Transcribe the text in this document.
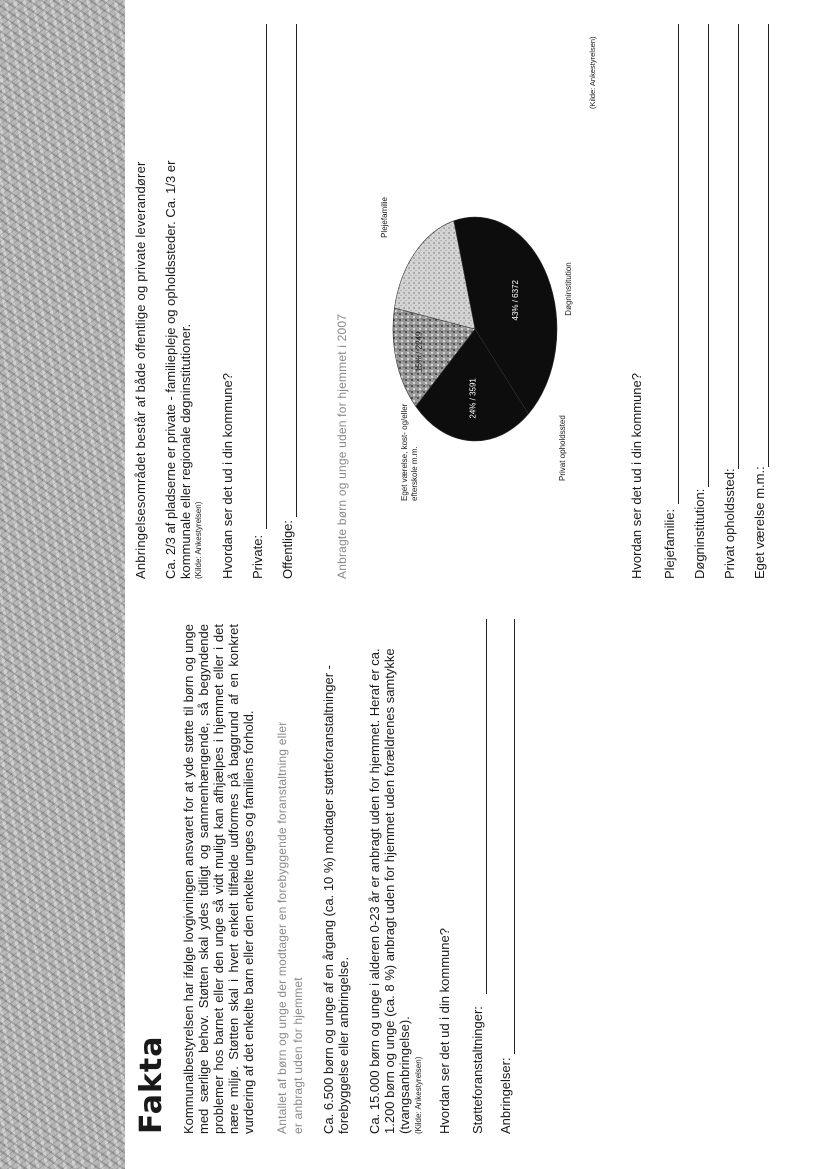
Fakta Kommunalbestyrelsen har ifølge lovgivningen ansvaret for at yde støtte til børn og unge med særlige behov. Støtten skal ydes tidligt og sammenhængende, så begyndende problemer hos barnet eller den unge så vidt muligt kan afhjælpes i hjemmet eller i det nære miljø. Støtten skal i hvert enkelt tilfælde udformes på baggrund af en konkret vurdering af det enkelte barn eller den enkelte unges og familiens forhold. Antallet af børn og unge der modtager en forebyggende foranstaltning eller er anbragt uden for hjemmet Ca. 6.500 børn og unge af en årgang (ca. 10 %) modtager støtteforanstaltninger - forebyggelse eller anbringelse. Ca. 15.000 børn og unge i alderen 0-23 år er anbragt uden for hjemmet. Heraf er ca. 1.200 børn og unge (ca. 8 %) anbragt uden for hjemmet uden forældrenes samtykke (tvangsanbringelse). (Kilde: Ankestyrelsen) Hvordan ser det ud i din kommune? Støtteforanstaltninger: Anbringelser:
Anbringelsesområdet består af både offentlige og private leverandører Ca. 2/3 af pladserne er private - familiepleje og opholdssteder. Ca. 1/3 er kommunale eller regionale døgninstitutioner. (Kilde: Ankestyrelsen) Hvordan ser det ud i din kommune? Private: Offentlige:	Anbragte børn og unge uden for hjemmet i 2007
43% / 6372
24% / 3591
15% / 2249
Plejefamilie
Døgninstitution
Privat opholdssted
Eget værelse, kost- og/eller efterskole m.m.
(Kilde: Ankestyrelsen)
Hvordan ser det ud i din kommune? Plejefamilie: Døgninstitution: Privat opholdssted: Eget værelse m.m.:
